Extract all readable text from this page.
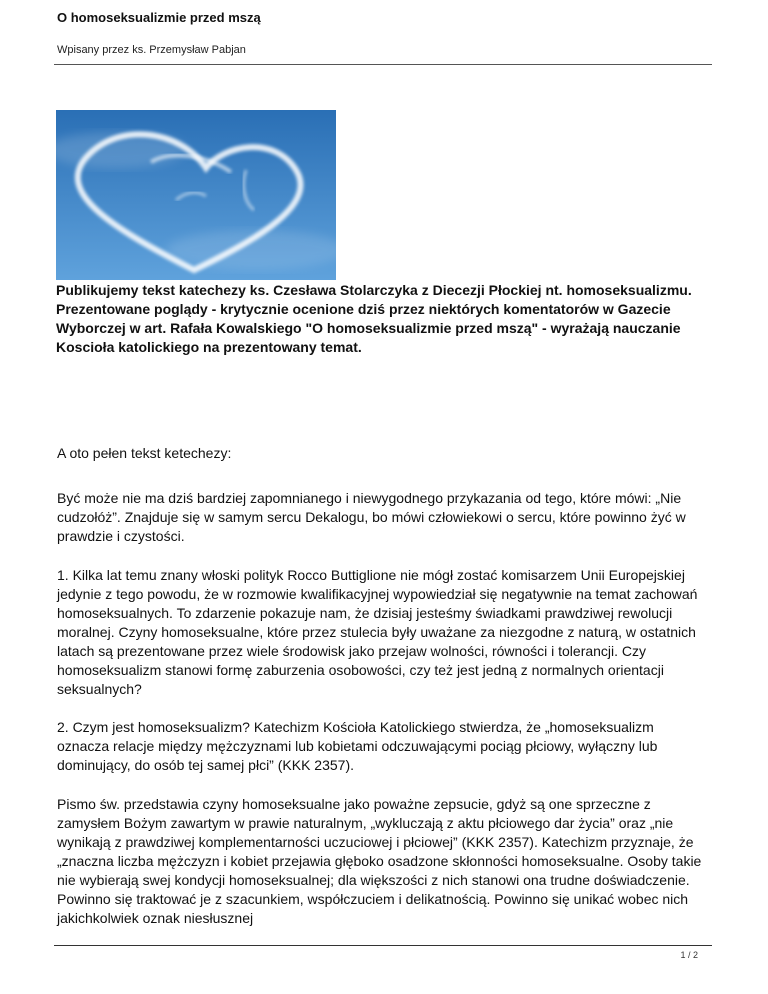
O homoseksualizmie przed mszą
Wpisany przez ks. Przemysław Pabjan

Publikujemy tekst katechezy ks. Czesława Stolarczyka z Diecezji Płockiej nt. homoseksualizmu. Prezentowane poglądy - krytycznie ocenione dziś przez niektórych komentatorów w Gazecie Wyborczej w art. Rafała Kowalskiego "O homoseksualizmie przed mszą" - wyrażają nauczanie Koscioła katolickiego na prezentowany temat.

A oto pełen tekst ketechezy:

Być może nie ma dziś bardziej zapomnianego i niewygodnego przykazania od tego, które mówi: „Nie cudzołóż”. Znajduje się w samym sercu Dekalogu, bo mówi człowiekowi o sercu, które powinno żyć w prawdzie i czystości.

1. Kilka lat temu znany włoski polityk Rocco Buttiglione nie mógł zostać komisarzem Unii Europejskiej jedynie z tego powodu, że w rozmowie kwalifikacyjnej wypowiedział się negatywnie na temat zachowań homoseksualnych. To zdarzenie pokazuje nam, że dzisiaj jesteśmy świadkami prawdziwej rewolucji moralnej. Czyny homoseksualne, które przez stulecia były uważane za niezgodne z naturą, w ostatnich latach są prezentowane przez wiele środowisk jako przejaw wolności, równości i tolerancji. Czy homoseksualizm stanowi formę zaburzenia osobowości, czy też jest jedną z normalnych orientacji seksualnych?

2. Czym jest homoseksualizm? Katechizm Kościoła Katolickiego stwierdza, że „homoseksualizm oznacza relacje między mężczyznami lub kobietami odczuwającymi pociąg płciowy, wyłączny lub dominujący, do osób tej samej płci” (KKK 2357).

Pismo św. przedstawia czyny homoseksualne jako poważne zepsucie, gdyż są one sprzeczne z zamysłem Bożym zawartym w prawie naturalnym, „wykluczają z aktu płciowego dar życia” oraz „nie wynikają z prawdziwej komplementarności uczuciowej i płciowej” (KKK 2357). Katechizm przyznaje, że „znaczna liczba mężczyzn i kobiet przejawia głęboko osadzone skłonności homoseksualne. Osoby takie nie wybierają swej kondycji homoseksualnej; dla większości z nich stanowi ona trudne doświadczenie. Powinno się traktować je z szacunkiem, współczuciem i delikatnością. Powinno się unikać wobec nich jakichkolwiek oznak niesłusznej

1 / 2
